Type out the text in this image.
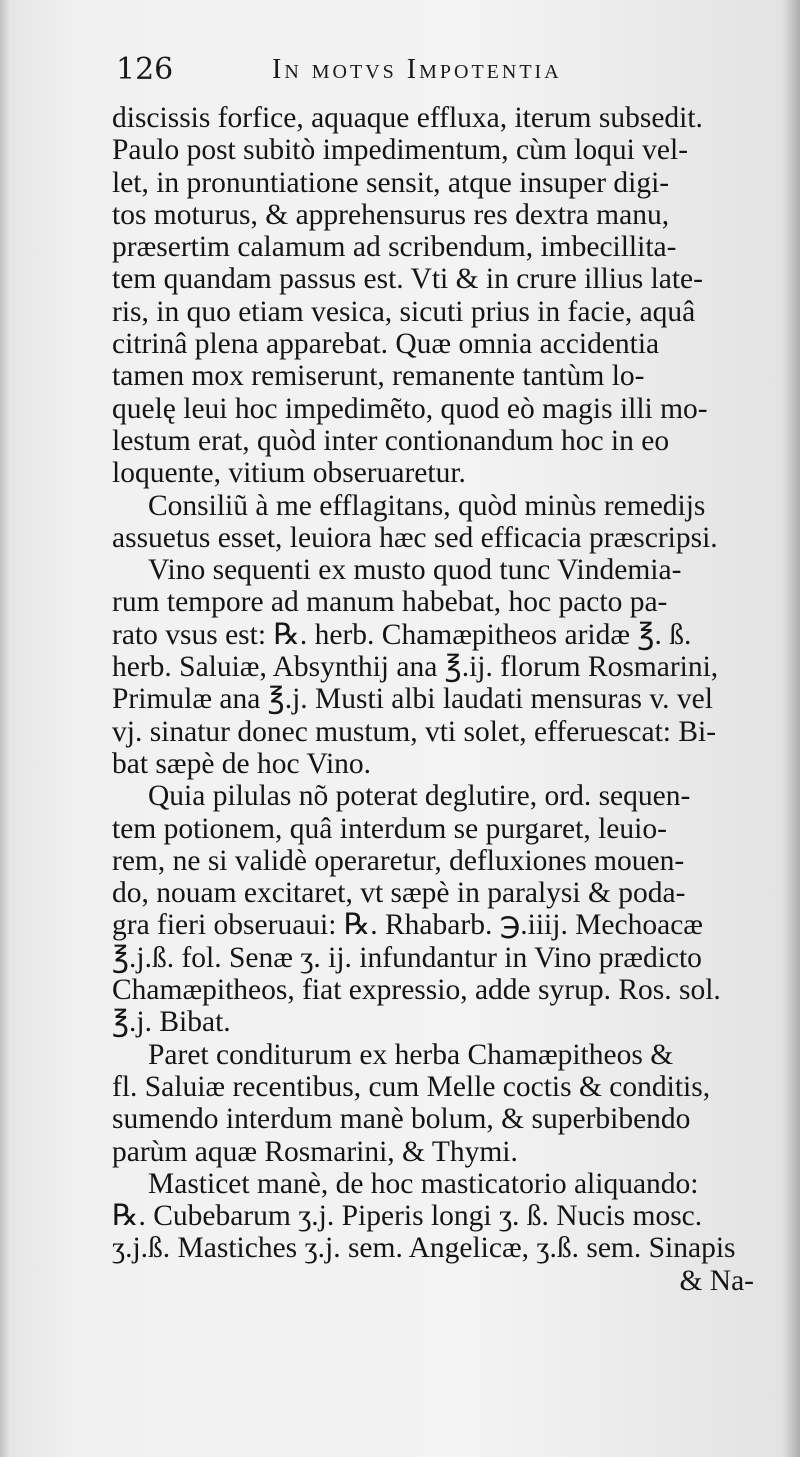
126	In motvs Impotentia
discissis forfice, aquaque effluxa, iterum subsedit.
Paulo post subitò impedimentum, cùm loqui vel-
let, in pronuntiatione sensit, atque insuper digi-
tos moturus, & apprehensurus res dextra manu,
præsertim calamum ad scribendum, imbecillita-
tem quandam passus est. Vti & in crure illius late-
ris, in quo etiam vesica, sicuti prius in facie, aquâ
citrinâ plena apparebat. Quæ omnia accidentia
tamen mox remiserunt, remanente tantùm lo-
quelę leui hoc impedimẽto, quod eò magis illi mo-
lestum erat, quòd inter contionandum hoc in eo
loquente, vitium obseruaretur.
Consiliũ à me efflagitans, quòd minùs remedijs
assuetus esset, leuiora hæc sed efficacia præscripsi.
Vino sequenti ex musto quod tunc Vindemia-
rum tempore ad manum habebat, hoc pacto pa-
rato vsus est: ℞. herb. Chamæpitheos aridæ ℥. ß.
herb. Saluiæ, Absynthij ana ℥.ij. florum Rosmarini,
Primulæ ana ℥.j. Musti albi laudati mensuras v. vel
vj. sinatur donec mustum, vti solet, efferuescat: Bi-
bat sæpè de hoc Vino.
Quia pilulas nõ poterat deglutire, ord. sequen-
tem potionem, quâ interdum se purgaret, leuio-
rem, ne si validè operaretur, defluxiones mouen-
do, nouam excitaret, vt sæpè in paralysi & poda-
gra fieri obseruaui: ℞. Rhabarb. ℈.iiij. Mechoacæ
℥.j.ß. fol. Senæ ʒ. ij. infundantur in Vino prædicto
Chamæpitheos, fiat expressio, adde syrup. Ros. sol.
℥.j. Bibat.
Paret conditurum ex herba Chamæpitheos &
fl. Saluiæ recentibus, cum Melle coctis & conditis,
sumendo interdum manè bolum, & superbibendo
parùm aquæ Rosmarini, & Thymi.
Masticet manè, de hoc masticatorio aliquando:
℞. Cubebarum ʒ.j. Piperis longi ʒ. ß. Nucis mosc.
ʒ.j.ß. Mastiches ʒ.j. sem. Angelicæ, ʒ.ß. sem. Sinapis
& Na-
